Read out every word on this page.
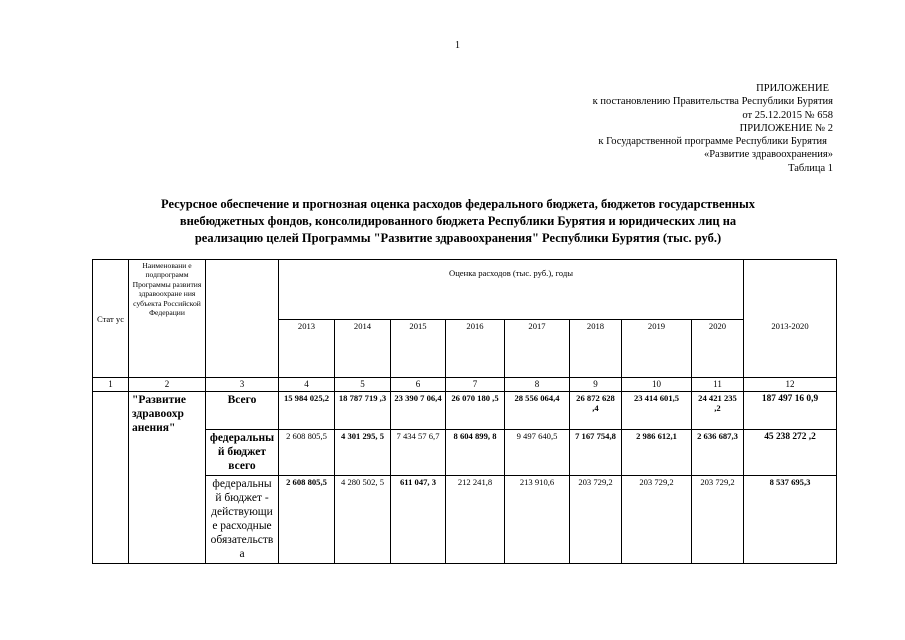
1
ПРИЛОЖЕНИЕ
к постановлению Правительства Республики Бурятия
от 25.12.2015 № 658
ПРИЛОЖЕНИЕ № 2
к Государственной программе Республики Бурятия
«Развитие здравоохранения»
Таблица 1
Ресурсное обеспечение и прогнозная оценка расходов федерального бюджета, бюджетов государственных
внебюджетных фондов, консолидированного бюджета Республики Бурятия и юридических лиц на
реализацию целей Программы "Развитие здравоохранения" Республики Бурятия (тыс. руб.)
Стат ус	Наименовани е подпрограмм Программы развития здравоохране ния субъекта Российской Федерации		Оценка расходов (тыс. руб.), годы								
			2013	2014	2015	2016	2017	2018	2019	2020	2013-2020
1	2	3	4	5	6	7	8	9	10	11	12
	"Развитие здравоохр анения"	Всего	15 984 025,2	18 787 719 ,3	23 390 7 06,4	26 070 180 ,5	28 556 064,4	26 872 628 ,4	23 414 601,5	24 421 235 ,2	187 497 16 0,9
		федеральны й бюджет всего	2 608 805,5	4 301 295, 5	7 434 57 6,7	8 604 899, 8	9 497 640,5	7 167 754,8	2 986 612,1	2 636 687,3	45 238 272 ,2
		федеральны й бюджет - действующи е расходные обязательств а	2 608 805,5	4 280 502, 5	611 047, 3	212 241,8	213 910,6	203 729,2	203 729,2	203 729,2	8 537 695,3
